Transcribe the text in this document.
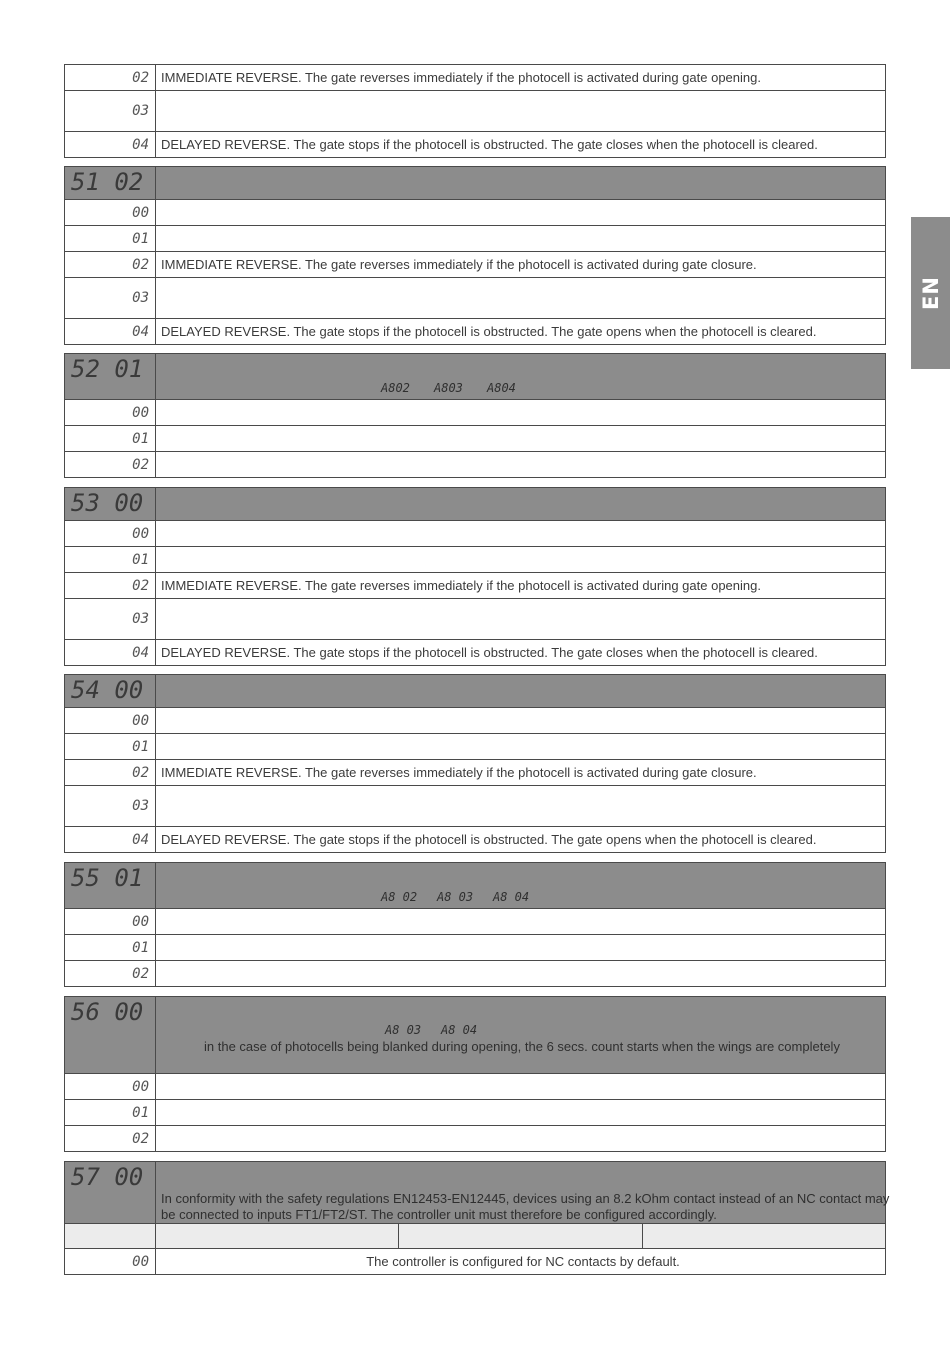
EN
02	IMMEDIATE REVERSE. The gate reverses immediately if the photocell is activated during gate opening.
03	
04	DELAYED REVERSE. The gate stops if the photocell is obstructed. The gate closes when the photocell is cleared.
51 02	
00	
01	
02	IMMEDIATE REVERSE. The gate reverses immediately if the photocell is activated during gate closure.
03	
04	DELAYED REVERSE. The gate stops if the photocell is obstructed. The gate opens when the photocell is cleared.
52 01	A802 A803 A804

00	
01	
02	
53 00	
00	
01	
02	IMMEDIATE REVERSE. The gate reverses immediately if the photocell is activated during gate opening.
03	
04	DELAYED REVERSE. The gate stops if the photocell is obstructed. The gate closes when the photocell is cleared.
54 00	
00	
01	
02	IMMEDIATE REVERSE. The gate reverses immediately if the photocell is activated during gate closure.
03	
04	DELAYED REVERSE. The gate stops if the photocell is obstructed. The gate opens when the photocell is cleared.
55 01	A8 02 A8 03 A8 04

00	
01	
02	
56 00	A8 03 A8 04
in the case of photocells being blanked during opening, the 6 secs. count starts when the wings are completely

00	
01	
02	
57 00	In conformity with the safety regulations EN12453-EN12445, devices using an 8.2 kOhm contact instead of an NC contact may be connected to inputs FT1/FT2/ST. The controller unit must therefore be configured accordingly.		

00	The controller is configured for NC contacts by default.		
